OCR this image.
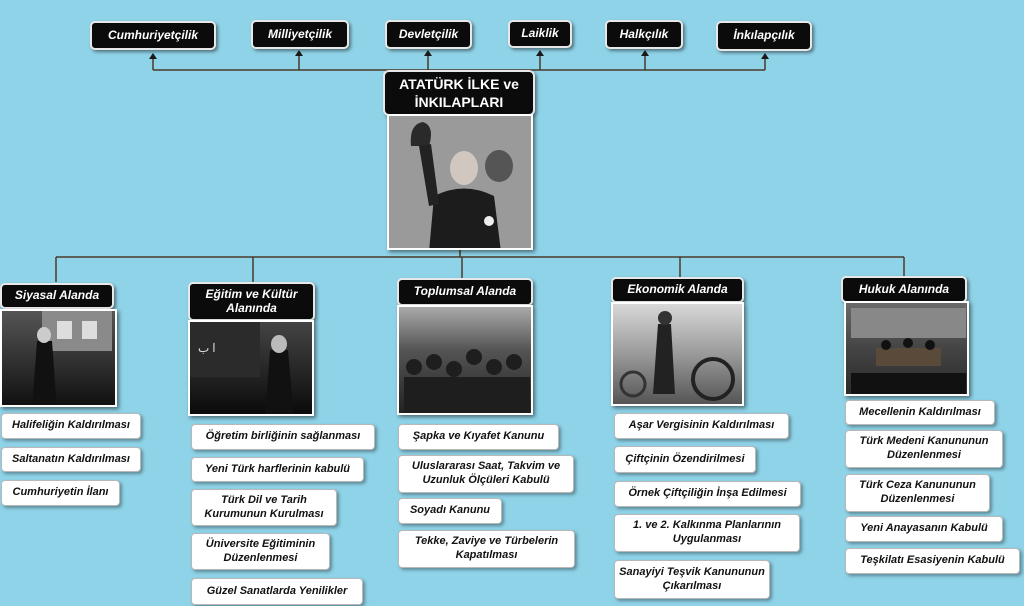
Cumhuriyetçilik	Milliyetçilik	Devletçilik	Laiklik	Halkçılık	İnkılapçılık
ATATÜRK İLKE ve
İNKILAPLARI
Siyasal Alanda
Halifeliğin Kaldırılması
Saltanatın Kaldırılması
Cumhuriyetin İlanı
Eğitim ve Kültür
Alanında
ﺍ ﺏ
Öğretim birliğinin sağlanması
Yeni Türk harflerinin kabulü
Türk Dil ve Tarih Kurumunun Kurulması
Üniversite Eğitiminin Düzenlenmesi
Güzel Sanatlarda Yenilikler
Toplumsal Alanda
Şapka ve Kıyafet Kanunu
Uluslararası Saat, Takvim ve Uzunluk Ölçüleri Kabulü
Soyadı Kanunu
Tekke, Zaviye ve Türbelerin Kapatılması
Ekonomik Alanda
Aşar Vergisinin Kaldırılması
Çiftçinin Özendirilmesi
Örnek Çiftçiliğin İnşa Edilmesi
1. ve 2. Kalkınma Planlarının Uygulanması
Sanayiyi Teşvik Kanununun Çıkarılması
Hukuk Alanında
Mecellenin Kaldırılması
Türk Medeni Kanununun Düzenlenmesi
Türk Ceza Kanununun Düzenlenmesi
Yeni Anayasanın Kabulü
Teşkilatı Esasiyenin Kabulü
